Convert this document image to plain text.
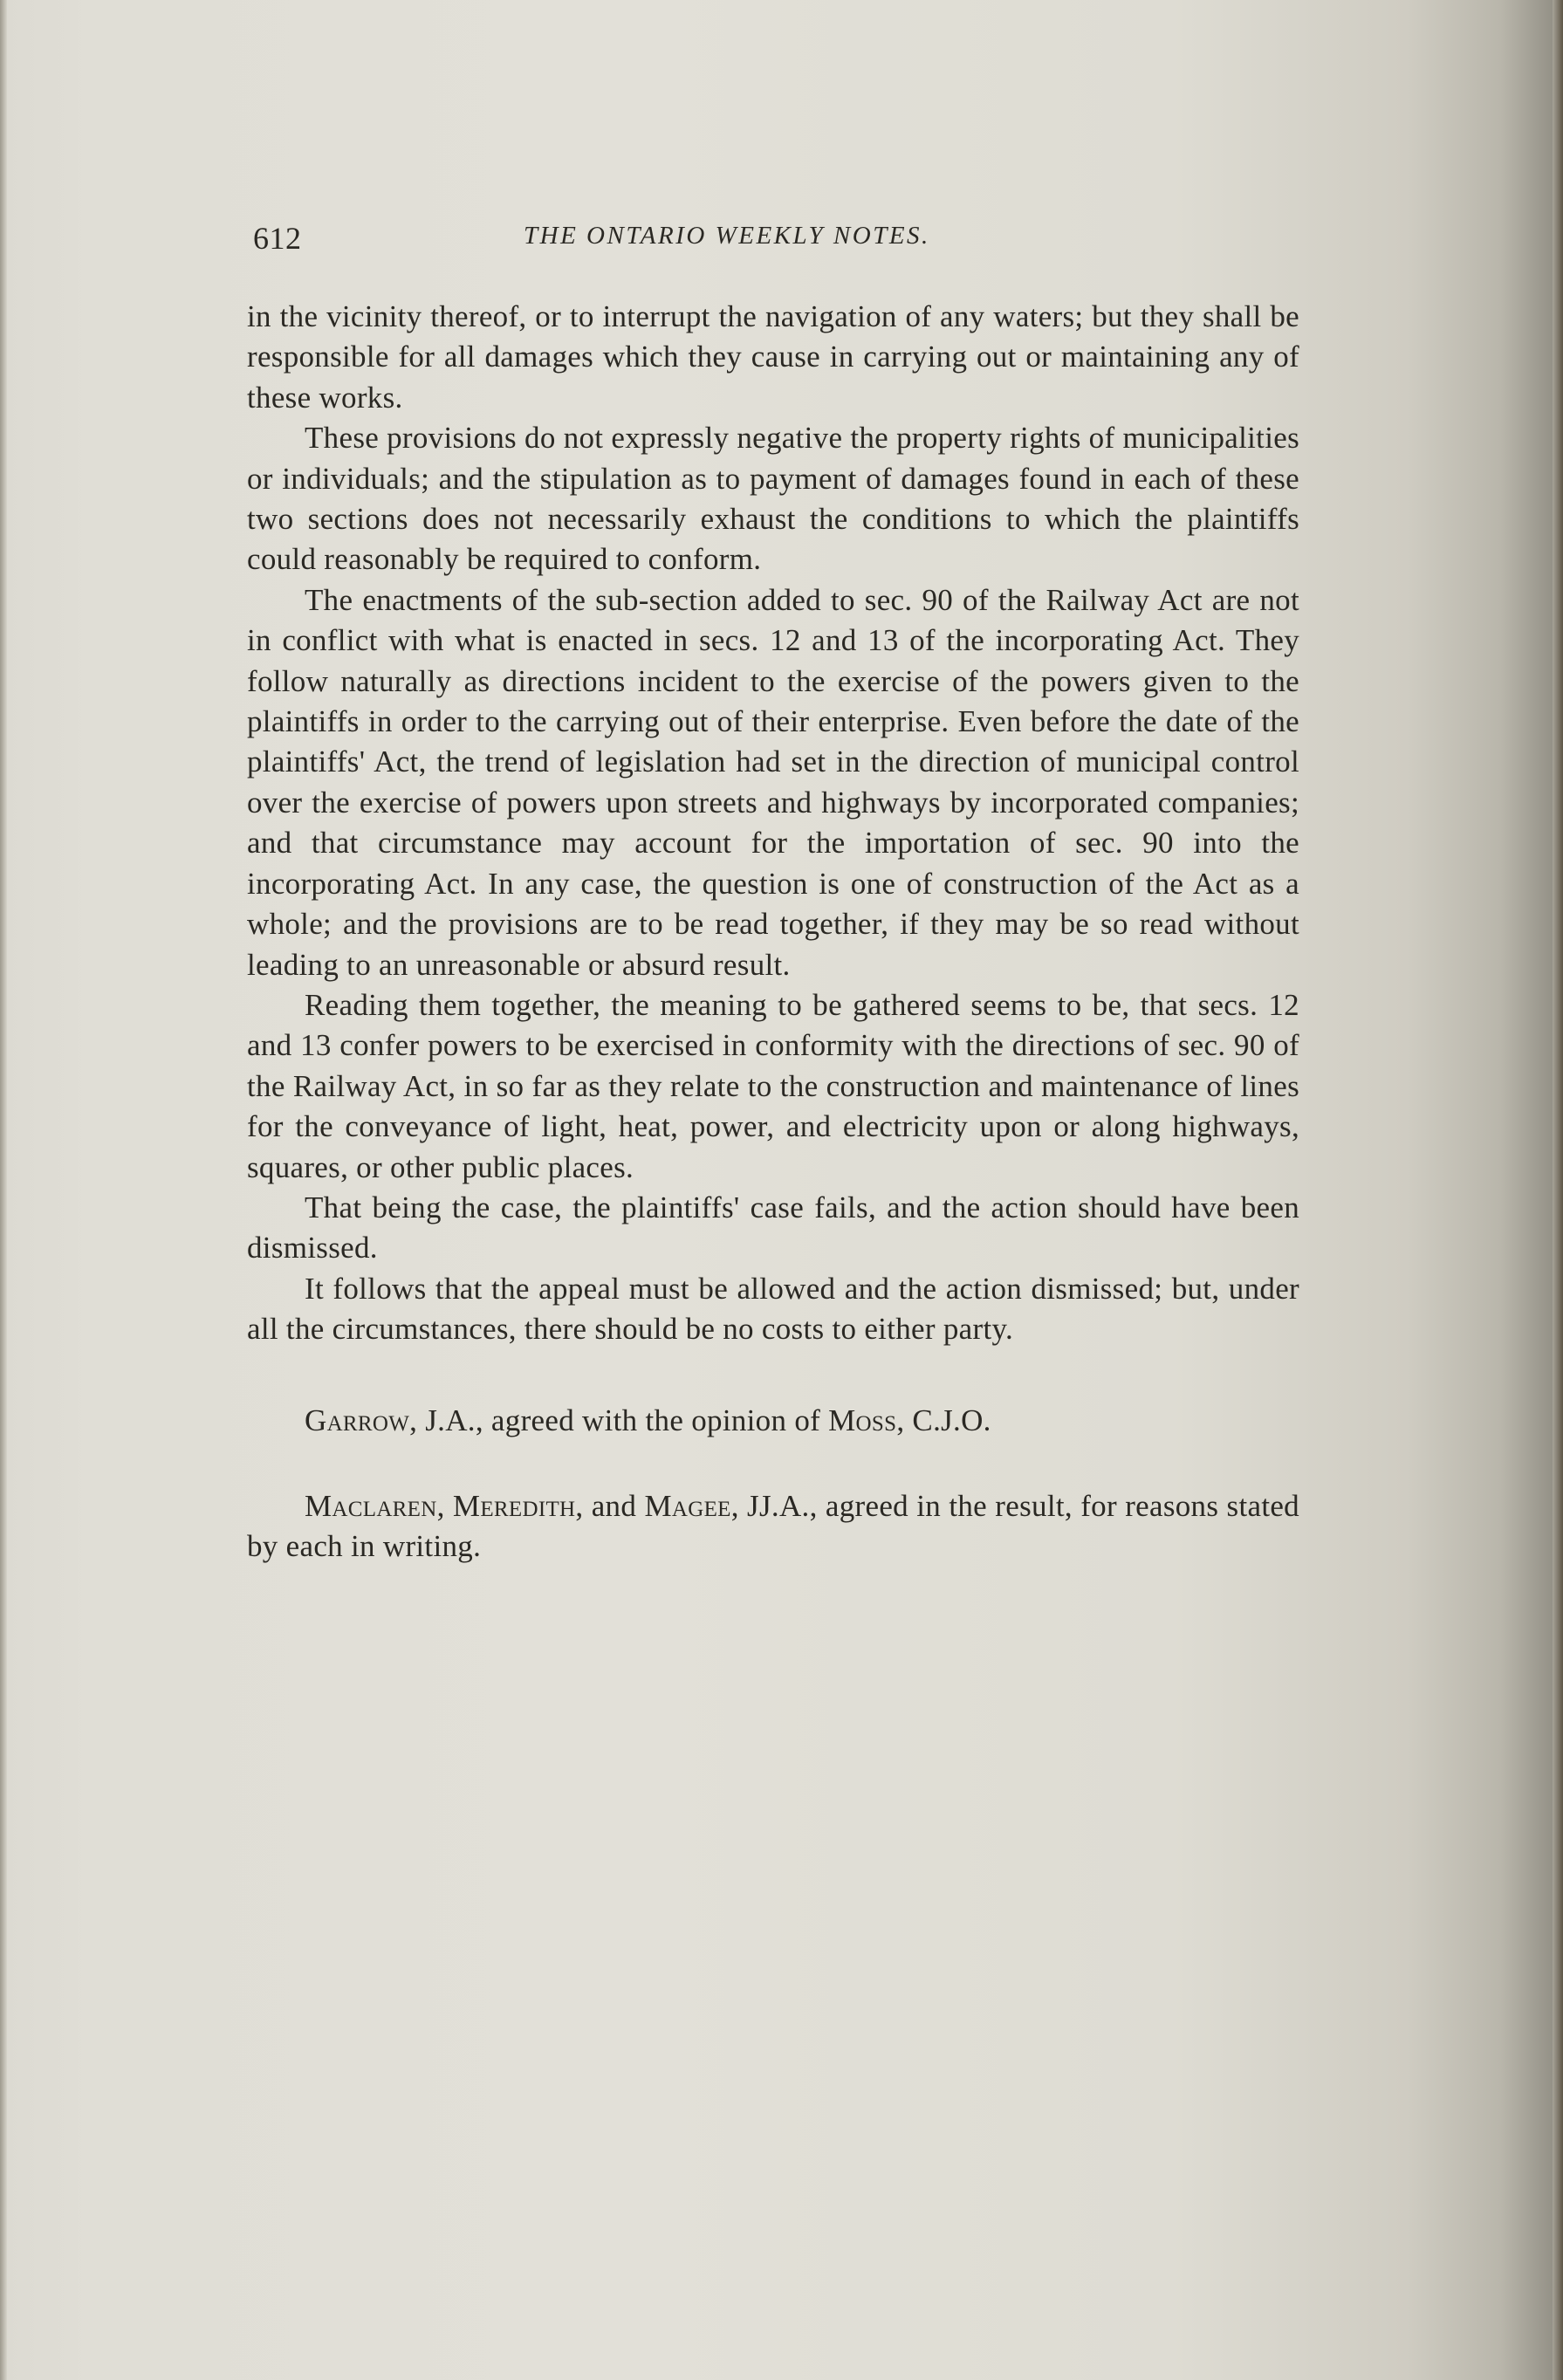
612	THE ONTARIO WEEKLY NOTES.

in the vicinity thereof, or to interrupt the navigation of any waters; but they shall be responsible for all damages which they cause in carrying out or maintaining any of these works.

These provisions do not expressly negative the property rights of municipalities or individuals; and the stipulation as to payment of damages found in each of these two sections does not necessarily exhaust the conditions to which the plaintiffs could reasonably be required to conform.

The enactments of the sub-section added to sec. 90 of the Railway Act are not in conflict with what is enacted in secs. 12 and 13 of the incorporating Act. They follow naturally as directions incident to the exercise of the powers given to the plaintiffs in order to the carrying out of their enterprise. Even before the date of the plaintiffs' Act, the trend of legislation had set in the direction of municipal control over the exercise of powers upon streets and highways by incorporated companies; and that circumstance may account for the importation of sec. 90 into the incorporating Act. In any case, the question is one of construction of the Act as a whole; and the provisions are to be read together, if they may be so read without leading to an unreasonable or absurd result.

Reading them together, the meaning to be gathered seems to be, that secs. 12 and 13 confer powers to be exercised in conformity with the directions of sec. 90 of the Railway Act, in so far as they relate to the construction and maintenance of lines for the conveyance of light, heat, power, and electricity upon or along highways, squares, or other public places.

That being the case, the plaintiffs' case fails, and the action should have been dismissed.

It follows that the appeal must be allowed and the action dismissed; but, under all the circumstances, there should be no costs to either party.

Garrow, J.A., agreed with the opinion of Moss, C.J.O.

Maclaren, Meredith, and Magee, JJ.A., agreed in the result, for reasons stated by each in writing.
